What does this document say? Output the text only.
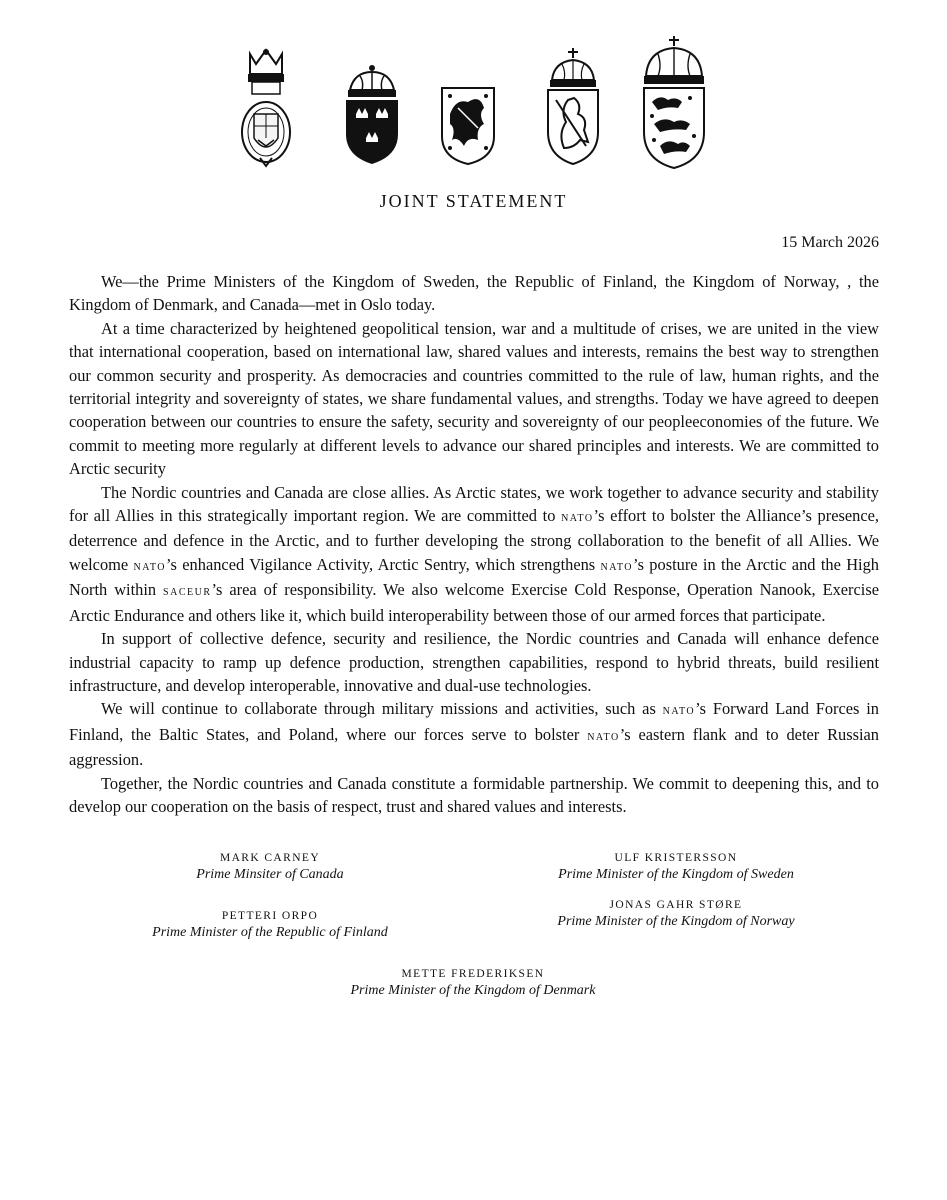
JOINT STATEMENT
15 March 2026

We—the Prime Ministers of the Kingdom of Sweden, the Republic of Finland, the Kingdom of Norway, , the Kingdom of Denmark, and Canada—met in Oslo today.

At a time characterized by heightened geopolitical tension, war and a multitude of crises, we are united in the view that international cooperation, based on international law, shared values and interests, remains the best way to strengthen our common security and prosperity. As democracies and countries committed to the rule of law, human rights, and the territorial integrity and sovereignty of states, we share fundamental values, and strengths. Today we have agreed to deepen cooperation between our countries to ensure the safety, security and sovereignty of our peopleeconomies of the future. We commit to meeting more regularly at different levels to advance our shared principles and interests. We are committed to Arctic security

The Nordic countries and Canada are close allies. As Arctic states, we work together to advance security and stability for all Allies in this strategically important region. We are committed to nato’s effort to bolster the Alliance’s presence, deterrence and defence in the Arctic, and to further developing the strong collaboration to the benefit of all Allies. We welcome nato’s enhanced Vigilance Activity, Arctic Sentry, which strengthens nato’s posture in the Arctic and the High North within saceur’s area of responsibility. We also welcome Exercise Cold Response, Operation Nanook, Exercise Arctic Endurance and others like it, which build interoperability between those of our armed forces that participate.

In support of collective defence, security and resilience, the Nordic countries and Canada will enhance defence industrial capacity to ramp up defence production, strengthen capabilities, respond to hybrid threats, build resilient infrastructure, and develop interoperable, innovative and dual-use technologies.

We will continue to collaborate through military missions and activities, such as nato’s Forward Land Forces in Finland, the Baltic States, and Poland, where our forces serve to bolster nato’s eastern flank and to deter Russian aggression.

Together, the Nordic countries and Canada constitute a formidable partnership. We commit to deepening this, and to develop our cooperation on the basis of respect, trust and shared values and interests.

MARK CARNEY
Prime Minsiter of Canada
ULF KRISTERSSON
Prime Minister of the Kingdom of Sweden
PETTERI ORPO
Prime Minister of the Republic of Finland
JONAS GAHR STØRE
Prime Minister of the Kingdom of Norway
METTE FREDERIKSEN
Prime Minister of the Kingdom of Denmark
